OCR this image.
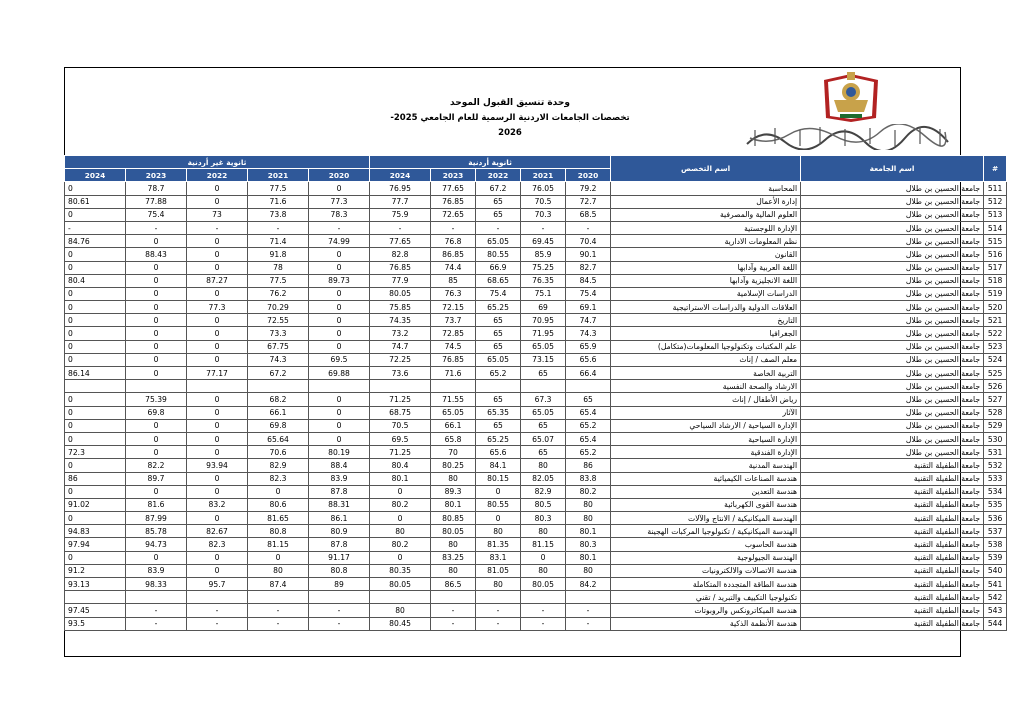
وحدة تنسيق القبول الموحد
تخصصات الجامعات الاردنية الرسمية للعام الجامعي 2025-2026
ثانوية غير أردنية					ثانوية أردنية					اسم التخصص	اسم الجامعة	#
2024	2023	2022	2021	2020	2024	2023	2022	2021	2020			
0	78.7	0	77.5	0	76.95	77.65	67.2	76.05	79.2	المحاسبة	جامعة الحسين بن طلال	511
80.61	77.88	0	71.6	77.3	77.7	76.85	65	70.5	72.7	إدارة الأعمال	جامعة الحسين بن طلال	512
0	75.4	73	73.8	78.3	75.9	72.65	65	70.3	68.5	العلوم المالية والمصرفية	جامعة الحسين بن طلال	513
-	-	-	-	-	-	-	-	-	-	الإدارة اللوجستية	جامعة الحسين بن طلال	514
84.76	0	0	71.4	74.99	77.65	76.8	65.05	69.45	70.4	نظم المعلومات الادارية	جامعة الحسين بن طلال	515
0	88.43	0	91.8	0	82.8	86.85	80.55	85.9	90.1	القانون	جامعة الحسين بن طلال	516
0	0	0	78	0	76.85	74.4	66.9	75.25	82.7	اللغة العربية وآدابها	جامعة الحسين بن طلال	517
80.4	0	87.27	77.5	89.73	77.9	85	68.65	76.35	84.5	اللغة الانجليزية وآدابها	جامعة الحسين بن طلال	518
0	0	0	76.2	0	80.05	76.3	75.4	75.1	75.4	الدراسات الإسلامية	جامعة الحسين بن طلال	519
0	0	77.3	70.29	0	75.85	72.15	65.25	69	69.1	العلاقات الدولية والدراسات الاستراتيجية	جامعة الحسين بن طلال	520
0	0	0	72.55	0	74.35	73.7	65	70.95	74.7	التاريخ	جامعة الحسين بن طلال	521
0	0	0	73.3	0	73.2	72.85	65	71.95	74.3	الجغرافيا	جامعة الحسين بن طلال	522
0	0	0	67.75	0	74.7	74.5	65	65.05	65.9	علم المكتبات وتكنولوجيا المعلومات(متكامل)	جامعة الحسين بن طلال	523
0	0	0	74.3	69.5	72.25	76.85	65.05	73.15	65.6	معلم الصف / إناث	جامعة الحسين بن طلال	524
86.14	0	77.17	67.2	69.88	73.6	71.6	65.2	65	66.4	التربية الخاصة	جامعة الحسين بن طلال	525
										الارشاد والصحة النفسية	جامعة الحسين بن طلال	526
0	75.39	0	68.2	0	71.25	71.55	65	67.3	65	رياض الأطفال / إناث	جامعة الحسين بن طلال	527
0	69.8	0	66.1	0	68.75	65.05	65.35	65.05	65.4	الآثار	جامعة الحسين بن طلال	528
0	0	0	69.8	0	70.5	66.1	65	65	65.2	الإدارة السياحية / الارشاد السياحي	جامعة الحسين بن طلال	529
0	0	0	65.64	0	69.5	65.8	65.25	65.07	65.4	الإدارة السياحية	جامعة الحسين بن طلال	530
72.3	0	0	70.6	80.19	71.25	70	65.6	65	65.2	الإدارة الفندقية	جامعة الحسين بن طلال	531
0	82.2	93.94	82.9	88.4	80.4	80.25	84.1	80	86	الهندسة المدنية	جامعة الطفيلة التقنية	532
86	89.7	0	82.3	83.9	80.1	80	80.15	82.05	83.8	هندسة الصناعات الكيميائية	جامعة الطفيلة التقنية	533
0	0	0	0	87.8	0	89.3	0	82.9	80.2	هندسة التعدين	جامعة الطفيلة التقنية	534
91.02	81.6	83.2	80.6	88.31	80.2	80.1	80.55	80.5	80	هندسة القوى الكهربائية	جامعة الطفيلة التقنية	535
0	87.99	0	81.65	86.1	0	80.85	0	80.3	80	الهندسة الميكانيكية / الانتاج والآلات	جامعة الطفيلة التقنية	536
94.83	85.78	82.67	80.8	80.9	80	80.05	80	80	80.1	الهندسة الميكانيكية / تكنولوجيا المركبات الهجينة	جامعة الطفيلة التقنية	537
97.94	94.73	82.3	81.15	87.8	80.2	80	81.35	81.15	80.3	هندسة الحاسوب	جامعة الطفيلة التقنية	538
0	0	0	0	91.17	0	83.25	83.1	0	80.1	الهندسة الجيولوجية	جامعة الطفيلة التقنية	539
91.2	83.9	0	80	80.8	80.35	80	81.05	80	80	هندسة الاتصالات والالكترونيات	جامعة الطفيلة التقنية	540
93.13	98.33	95.7	87.4	89	80.05	86.5	80	80.05	84.2	هندسة الطاقة المتجددة المتكاملة	جامعة الطفيلة التقنية	541
										تكنولوجيا التكييف والتبريد / تقني	جامعة الطفيلة التقنية	542
97.45	-	-	-	-	80	-	-	-	-	هندسة الميكاترونكس والروبوتات	جامعة الطفيلة التقنية	543
93.5	-	-	-	-	80.45	-	-	-	-	هندسة الأنظمة الذكية	جامعة الطفيلة التقنية	544
